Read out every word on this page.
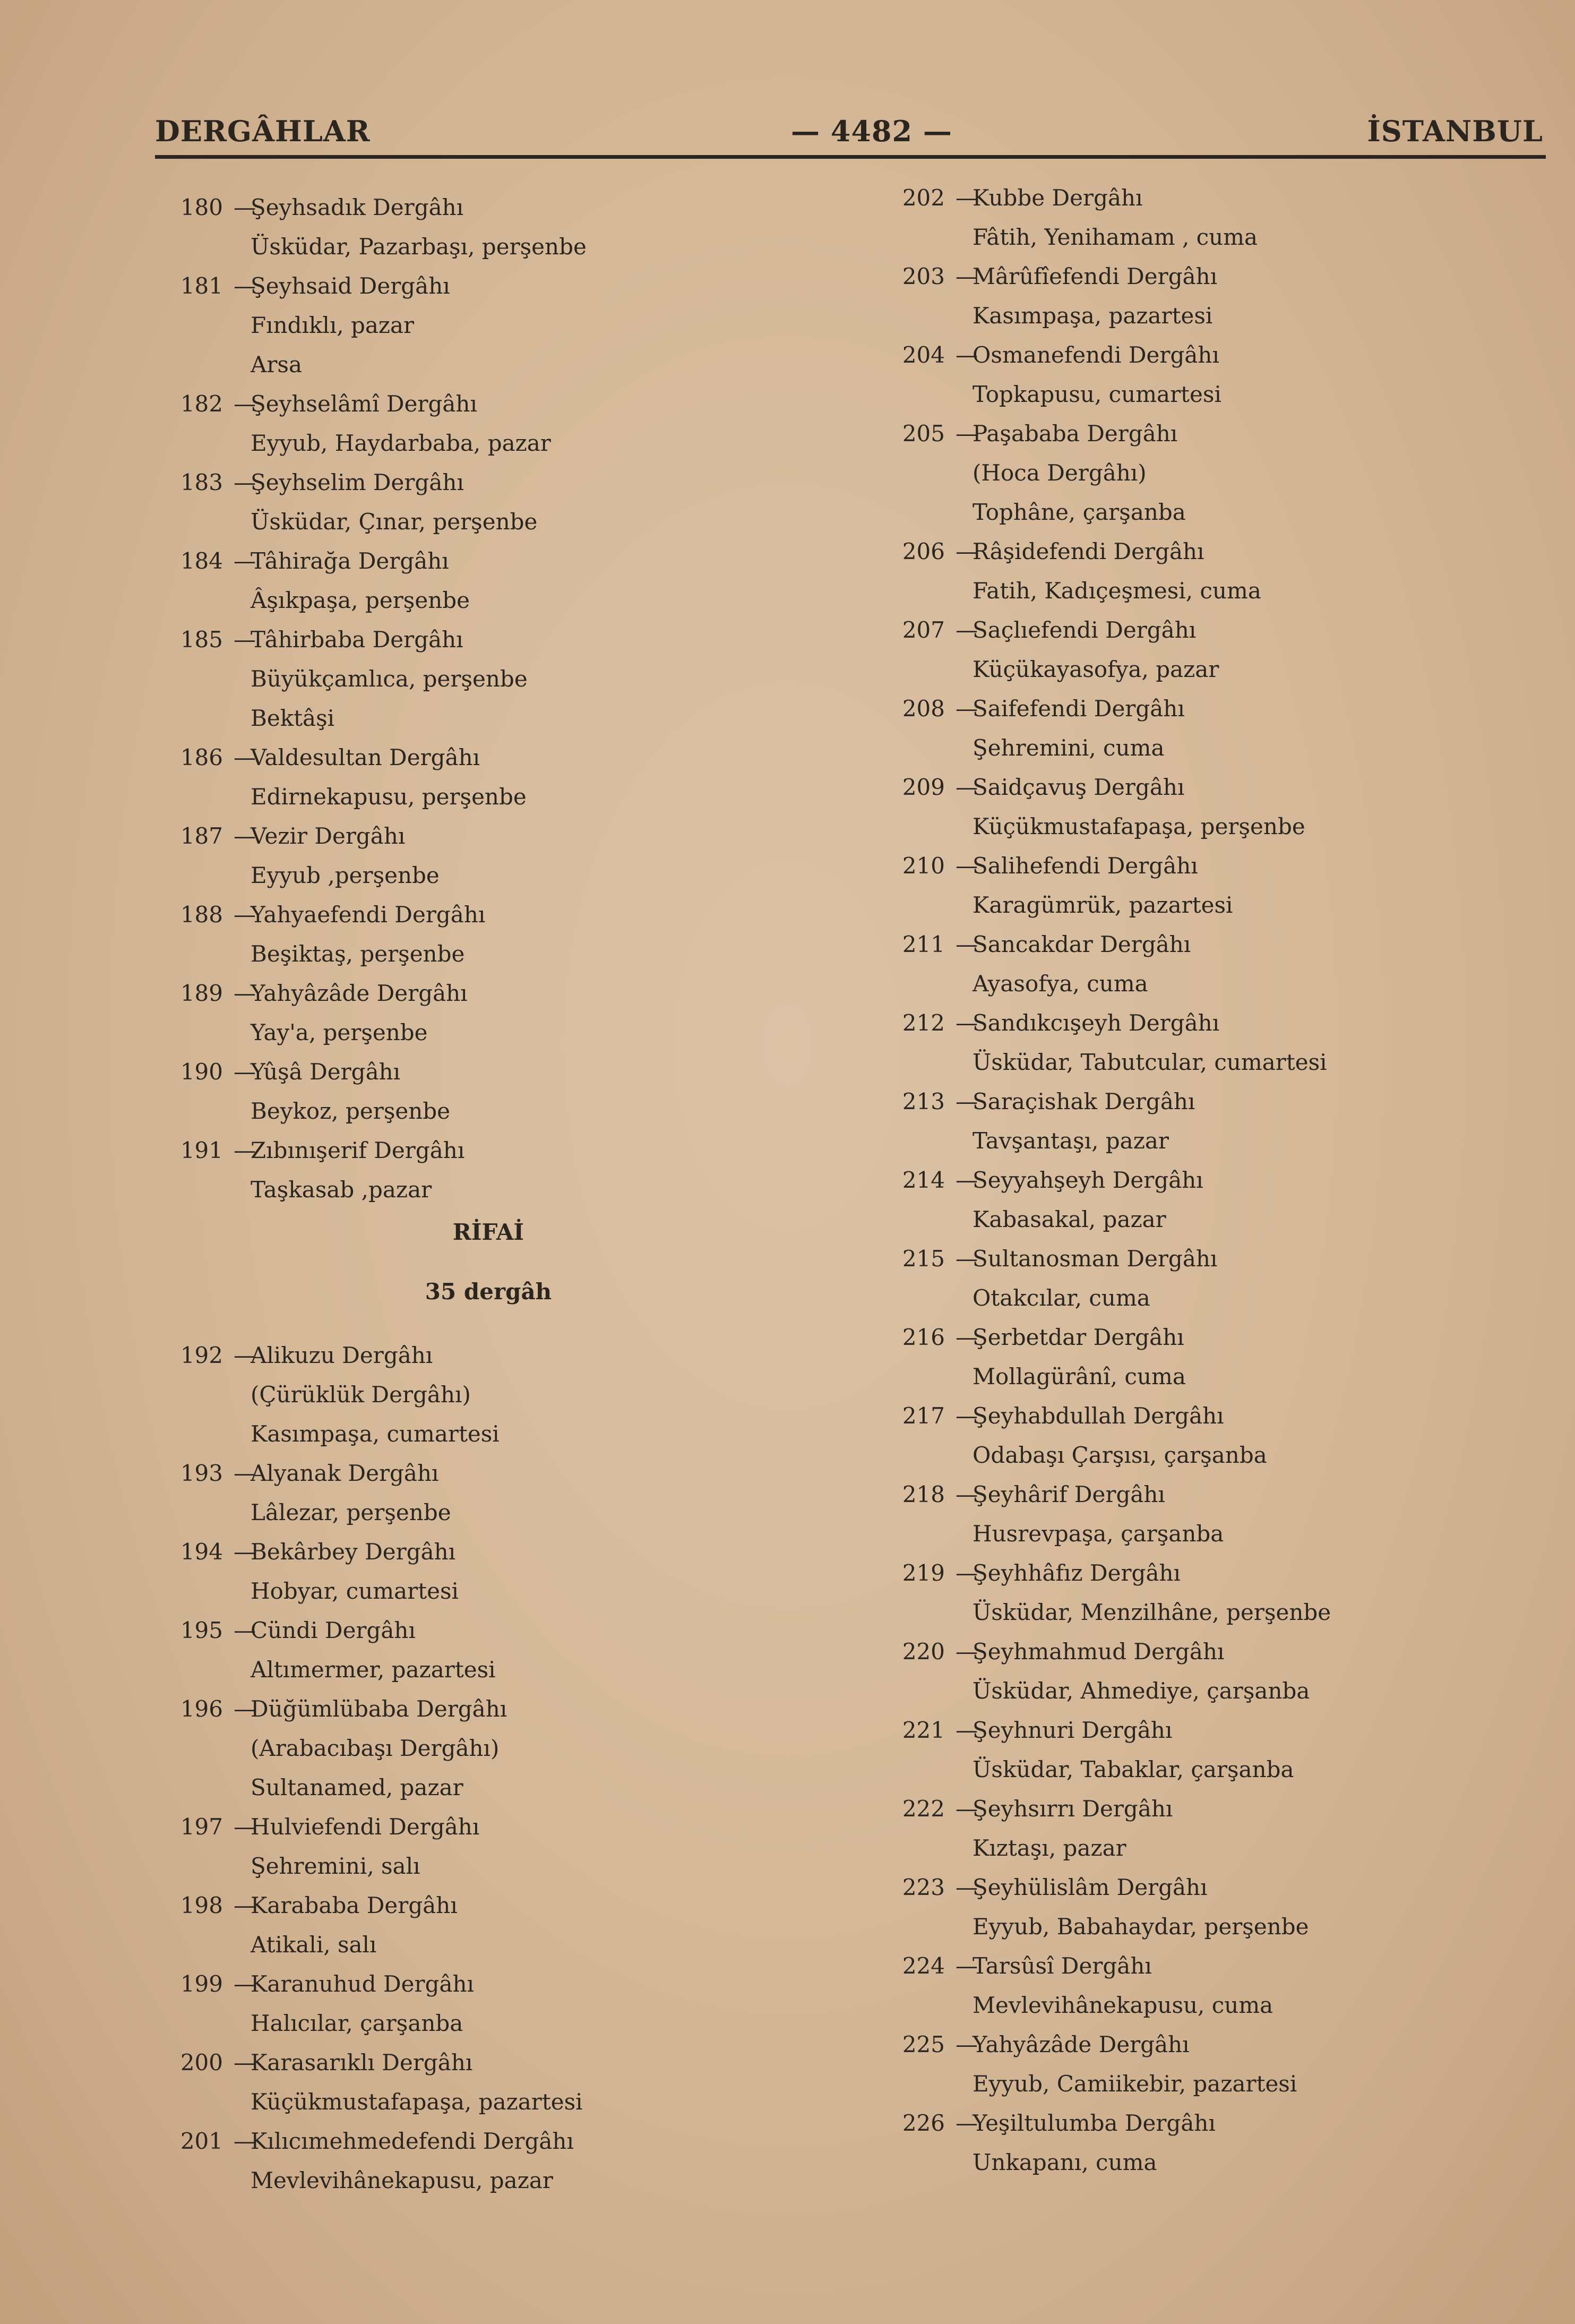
DERGÂHLAR	— 4482 —	İSTANBUL
180 —
Şeyhsadık Dergâhı
Üsküdar, Pazarbaşı, perşenbe
181 —
Şeyhsaid Dergâhı
Fındıklı, pazar
Arsa
182 —
Şeyhselâmî Dergâhı
Eyyub, Haydarbaba, pazar
183 —
Şeyhselim Dergâhı
Üsküdar, Çınar, perşenbe
184 —
Tâhirağa Dergâhı
Âşıkpaşa, perşenbe
185 —
Tâhirbaba Dergâhı
Büyükçamlıca, perşenbe
Bektâşi
186 —
Valdesultan Dergâhı
Edirnekapusu, perşenbe
187 —
Vezir Dergâhı
Eyyub ,perşenbe
188 —
Yahyaefendi Dergâhı
Beşiktaş, perşenbe
189 —
Yahyâzâde Dergâhı
Yay'a, perşenbe
190 —
Yûşâ Dergâhı
Beykoz, perşenbe
191 —
Zıbınışerif Dergâhı
Taşkasab ,pazar
RİFAİ
35 dergâh
192 —
Alikuzu Dergâhı
(Çürüklük Dergâhı)
Kasımpaşa, cumartesi
193 —
Alyanak Dergâhı
Lâlezar, perşenbe
194 —
Bekârbey Dergâhı
Hobyar, cumartesi
195 —
Cündi Dergâhı
Altımermer, pazartesi
196 —
Düğümlübaba Dergâhı
(Arabacıbaşı Dergâhı)
Sultanamed, pazar
197 —
Hulviefendi Dergâhı
Şehremini, salı
198 —
Karababa Dergâhı
Atikali, salı
199 —
Karanuhud Dergâhı
Halıcılar, çarşanba
200 —
Karasarıklı Dergâhı
Küçükmustafapaşa, pazartesi
201 —
Kılıcımehmedefendi Dergâhı
Mevlevihânekapusu, pazar
202 —
Kubbe Dergâhı
Fâtih, Yenihamam , cuma
203 —
Mârûfîefendi Dergâhı
Kasımpaşa, pazartesi
204 —
Osmanefendi Dergâhı
Topkapusu, cumartesi
205 —
Paşababa Dergâhı
(Hoca Dergâhı)
Tophâne, çarşanba
206 —
Râşidefendi Dergâhı
Fatih, Kadıçeşmesi, cuma
207 —
Saçlıefendi Dergâhı
Küçükayasofya, pazar
208 —
Saifefendi Dergâhı
Şehremini, cuma
209 —
Saidçavuş Dergâhı
Küçükmustafapaşa, perşenbe
210 —
Salihefendi Dergâhı
Karagümrük, pazartesi
211 —
Sancakdar Dergâhı
Ayasofya, cuma
212 —
Sandıkcışeyh Dergâhı
Üsküdar, Tabutcular, cumartesi
213 —
Saraçishak Dergâhı
Tavşantaşı, pazar
214 —
Seyyahşeyh Dergâhı
Kabasakal, pazar
215 —
Sultanosman Dergâhı
Otakcılar, cuma
216 —
Şerbetdar Dergâhı
Mollagürânî, cuma
217 —
Şeyhabdullah Dergâhı
Odabaşı Çarşısı, çarşanba
218 —
Şeyhârif Dergâhı
Husrevpaşa, çarşanba
219 —
Şeyhhâfız Dergâhı
Üsküdar, Menzilhâne, perşenbe
220 —
Şeyhmahmud Dergâhı
Üsküdar, Ahmediye, çarşanba
221 —
Şeyhnuri Dergâhı
Üsküdar, Tabaklar, çarşanba
222 —
Şeyhsırrı Dergâhı
Kıztaşı, pazar
223 —
Şeyhülislâm Dergâhı
Eyyub, Babahaydar, perşenbe
224 —
Tarsûsî Dergâhı
Mevlevihânekapusu, cuma
225 —
Yahyâzâde Dergâhı
Eyyub, Camiikebir, pazartesi
226 —
Yeşiltulumba Dergâhı
Unkapanı, cuma
